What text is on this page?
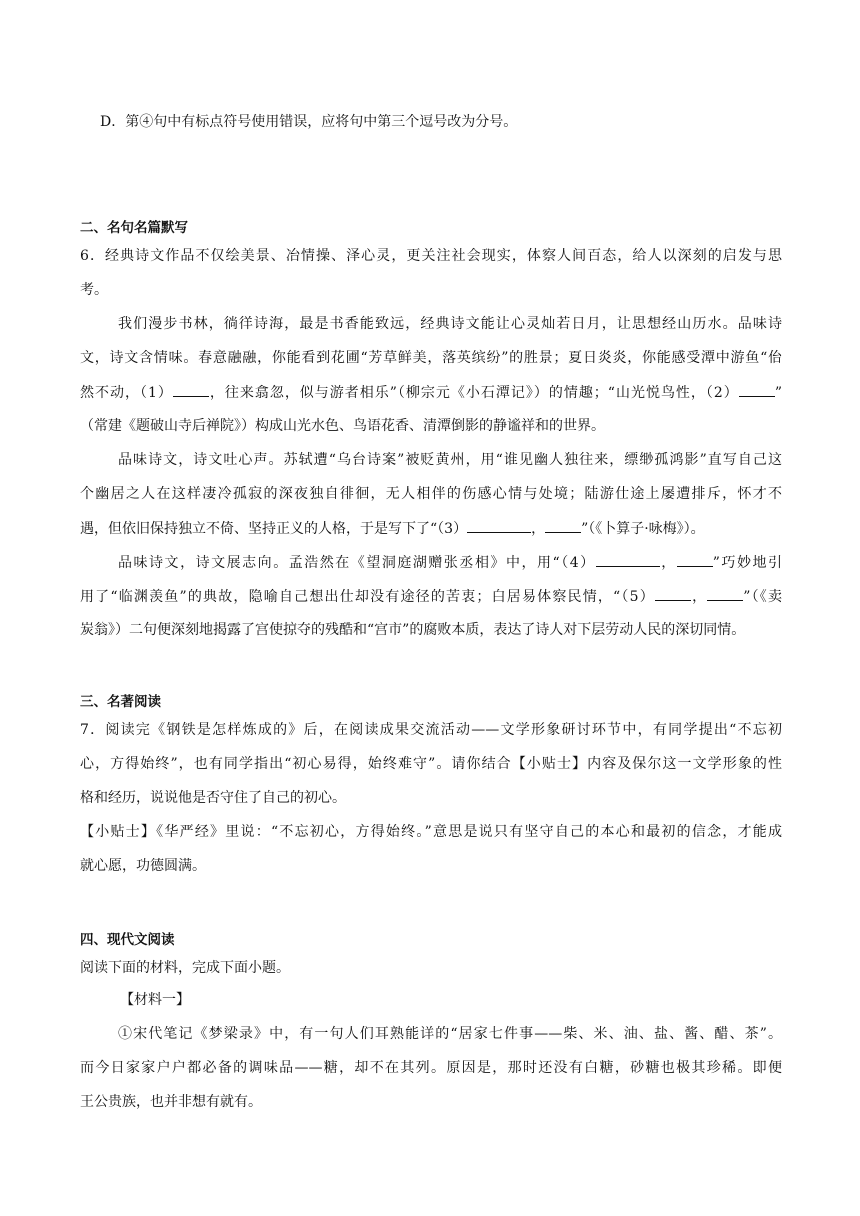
D．第④句中有标点符号使用错误，应将句中第三个逗号改为分号。
二、名句名篇默写
6．经典诗文作品不仅绘美景、冶情操、泽心灵，更关注社会现实，体察人间百态，给人以深刻的启发与思
考。
我们漫步书林，徜徉诗海，最是书香能致远，经典诗文能让心灵灿若日月，让思想经山历水。品味诗
文，诗文含情味。春意融融，你能看到花圃“芳草鲜美，落英缤纷”的胜景；夏日炎炎，你能感受潭中游鱼“佁
然不动，（1）	，往来翕忽，似与游者相乐”（柳宗元《小石潭记》）的情趣；“山光悦鸟性，（2）	”
（常建《题破山寺后禅院》）构成山光水色、鸟语花香、清潭倒影的静谧祥和的世界。
品味诗文，诗文吐心声。苏轼遭“乌台诗案”被贬黄州，用“谁见幽人独往来，缥缈孤鸿影”直写自己这
个幽居之人在这样凄冷孤寂的深夜独自徘徊，无人相伴的伤感心情与处境；陆游仕途上屡遭排斥，怀才不
遇，但依旧保持独立不倚、坚持正义的人格，于是写下了“（3）	，	”（《卜算子·咏梅》）。
品味诗文，诗文展志向。孟浩然在《望洞庭湖赠张丞相》中，用“（4）	，	”巧妙地引
用了“临渊羡鱼”的典故，隐喻自己想出仕却没有途径的苦衷；白居易体察民情，“（5）	，	”（《卖
炭翁》）二句便深刻地揭露了宫使掠夺的残酷和“宫市”的腐败本质，表达了诗人对下层劳动人民的深切同情。
三、名著阅读
7．阅读完《钢铁是怎样炼成的》后，在阅读成果交流活动——文学形象研讨环节中，有同学提出“不忘初
心，方得始终”，也有同学指出“初心易得，始终难守”。请你结合【小贴士】内容及保尔这一文学形象的性
格和经历，说说他是否守住了自己的初心。
【小贴士】《华严经》里说：“不忘初心，方得始终。”意思是说只有坚守自己的本心和最初的信念，才能成
就心愿，功德圆满。
四、现代文阅读
阅读下面的材料，完成下面小题。
【材料一】
①宋代笔记《梦梁录》中，有一句人们耳熟能详的“居家七件事——柴、米、油、盐、酱、醋、茶”。
而今日家家户户都必备的调味品——糖，却不在其列。原因是，那时还没有白糖，砂糖也极其珍稀。即便
王公贵族，也并非想有就有。
